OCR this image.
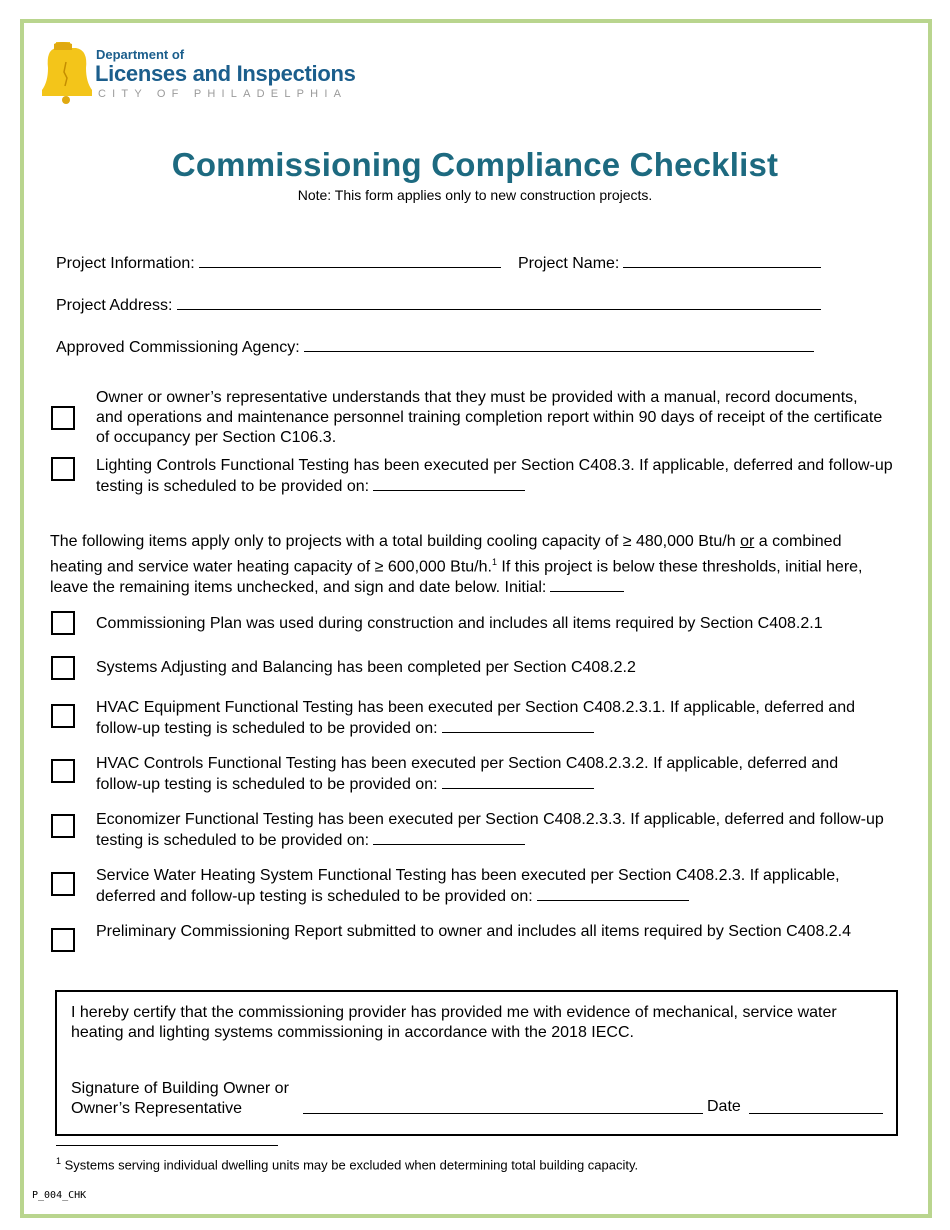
Department of
Licenses and Inspections
CITY OF PHILADELPHIA
Commissioning Compliance Checklist
Note: This form applies only to new construction projects.
Project Information:	Project Name:
Project Address:
Approved Commissioning Agency:
Owner or owner’s representative understands that they must be provided with a manual, record documents, and operations and maintenance personnel training completion report within 90 days of receipt of the certificate of occupancy per Section C106.3.
Lighting Controls Functional Testing has been executed per Section C408.3. If applicable, deferred and follow-up testing is scheduled to be provided on:
The following items apply only to projects with a total building cooling capacity of ≥ 480,000 Btu/h or a combined heating and service water heating capacity of ≥ 600,000 Btu/h.$^1$ If this project is below these thresholds, initial here, leave the remaining items unchecked, and sign and date below. Initial:
Commissioning Plan was used during construction and includes all items required by Section C408.2.1
Systems Adjusting and Balancing has been completed per Section C408.2.2
HVAC Equipment Functional Testing has been executed per Section C408.2.3.1. If applicable, deferred and follow-up testing is scheduled to be provided on:
HVAC Controls Functional Testing has been executed per Section C408.2.3.2. If applicable, deferred and follow-up testing is scheduled to be provided on:
Economizer Functional Testing has been executed per Section C408.2.3.3. If applicable, deferred and follow-up testing is scheduled to be provided on:
Service Water Heating System Functional Testing has been executed per Section C408.2.3. If applicable, deferred and follow-up testing is scheduled to be provided on:
Preliminary Commissioning Report submitted to owner and includes all items required by Section C408.2.4
I hereby certify that the commissioning provider has provided me with evidence of mechanical, service water heating and lighting systems commissioning in accordance with the 2018 IECC.
Signature of Building Owner or
Owner’s Representative	Date
$^1$ Systems serving individual dwelling units may be excluded when determining total building capacity.
P_004_CHK
